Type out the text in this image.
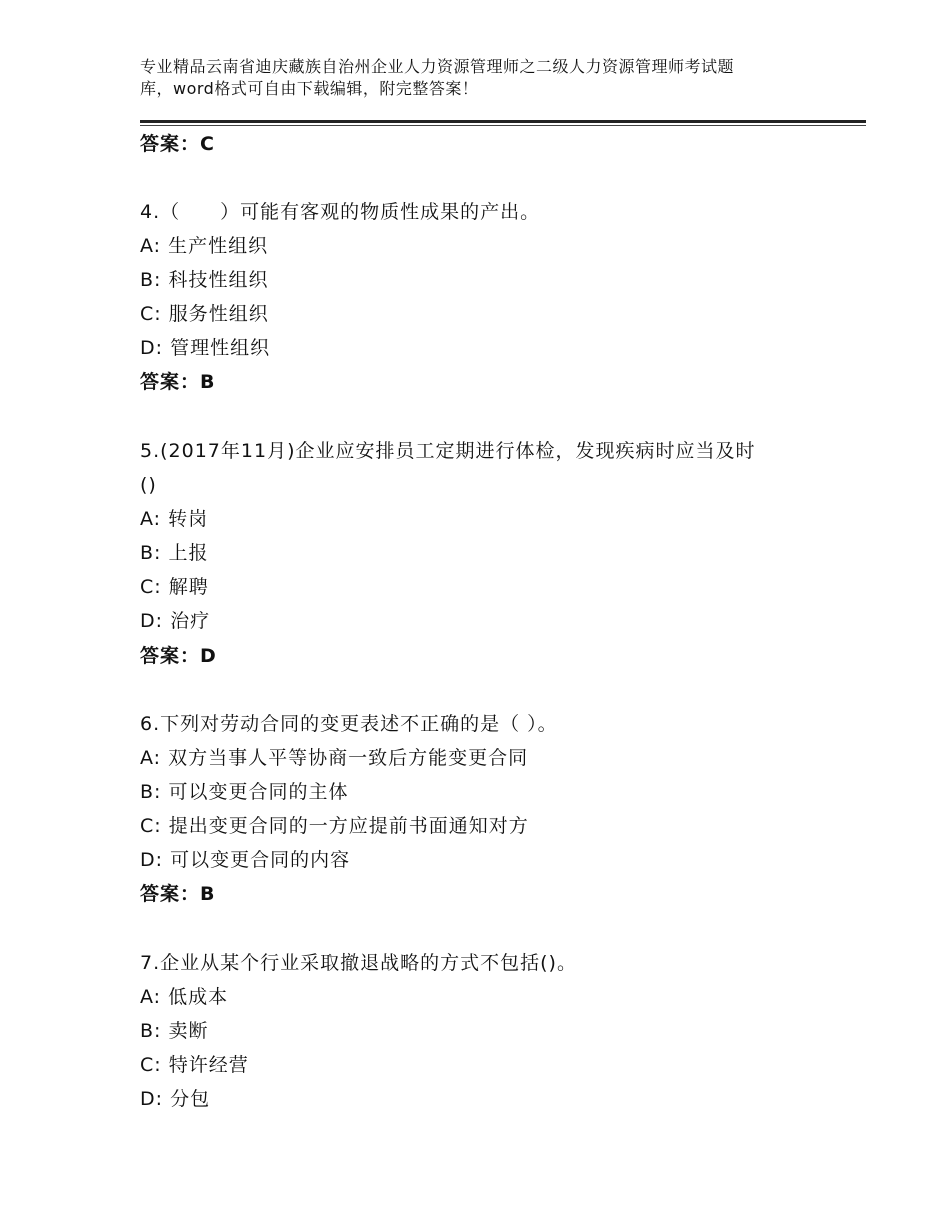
专业精品云南省迪庆藏族自治州企业人力资源管理师之二级人力资源管理师考试题
库，word格式可自由下载编辑，附完整答案！
答案：C
4.（　　）可能有客观的物质性成果的产出。
A: 生产性组织
B: 科技性组织
C: 服务性组织
D: 管理性组织
答案：B
5.(2017年11月)企业应安排员工定期进行体检，发现疾病时应当及时
()
A: 转岗
B: 上报
C: 解聘
D: 治疗
答案：D
6.下列对劳动合同的变更表述不正确的是（ ）。
A: 双方当事人平等协商一致后方能变更合同
B: 可以变更合同的主体
C: 提出变更合同的一方应提前书面通知对方
D: 可以变更合同的内容
答案：B
7.企业从某个行业采取撤退战略的方式不包括()。
A: 低成本
B: 卖断
C: 特许经营
D: 分包
